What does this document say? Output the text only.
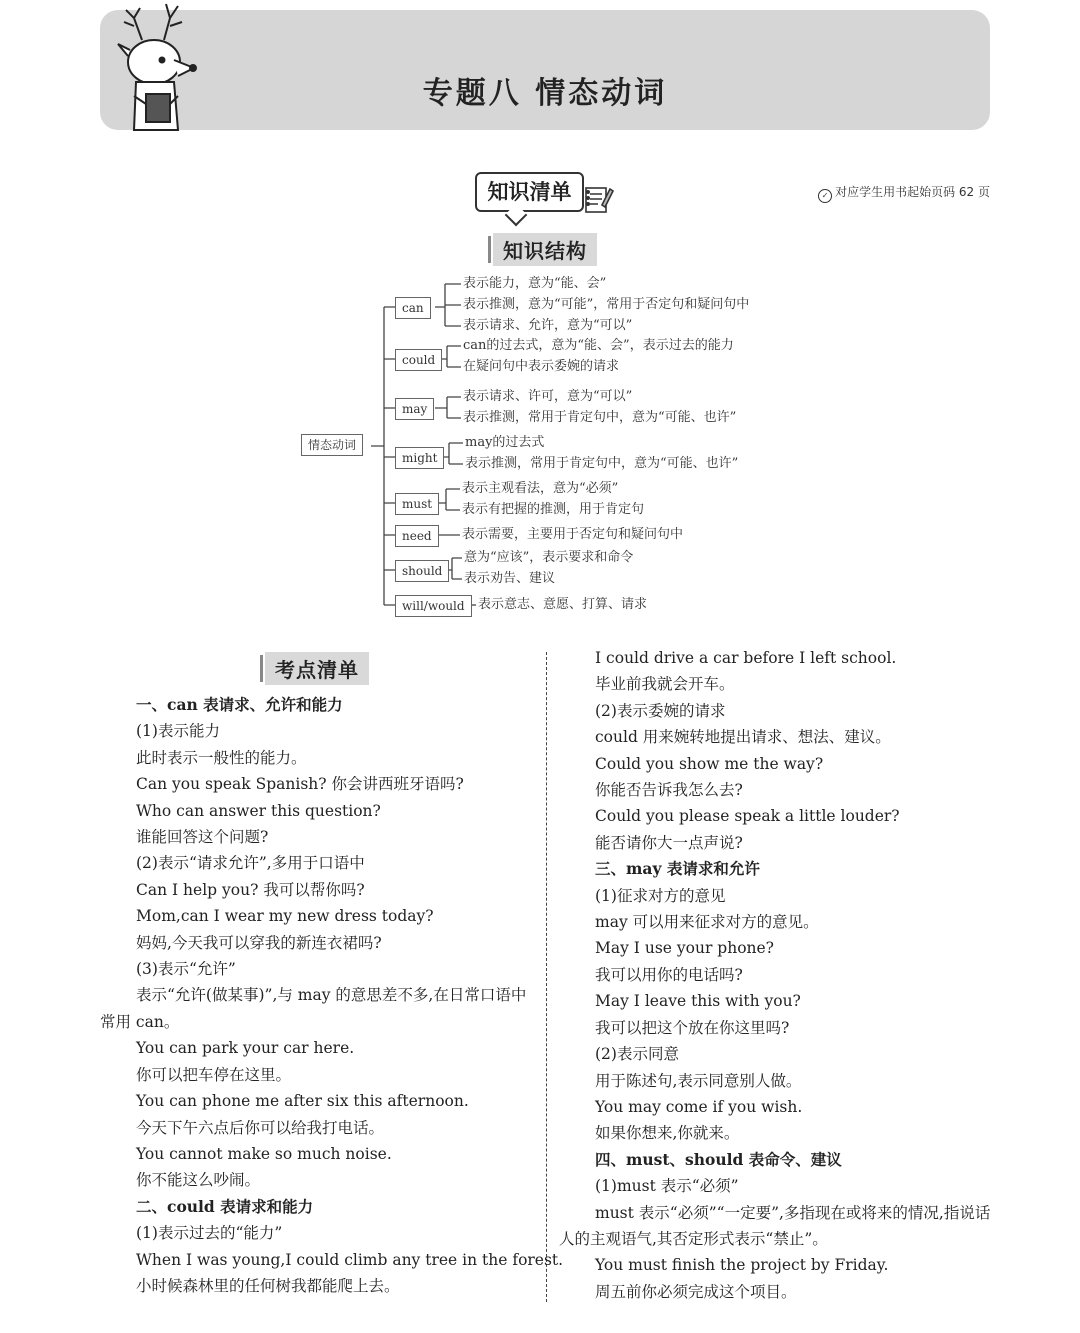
专题八 情态动词
知识清单	✓ 对应学生用书起始页码 62 页
知识结构
情态动词
can
表示能力，意为“能、会”
表示推测，意为“可能”，常用于否定句和疑问句中
表示请求、允许，意为“可以”
could
can的过去式，意为“能、会”，表示过去的能力
在疑问句中表示委婉的请求
may
表示请求、许可，意为“可以”
表示推测，常用于肯定句中，意为“可能、也许”
might
may的过去式
表示推测，常用于肯定句中，意为“可能、也许”
must
表示主观看法，意为“必须”
表示有把握的推测，用于肯定句
need	表示需要，主要用于否定句和疑问句中
should
意为“应该”，表示要求和命令
表示劝告、建议
will/would	表示意志、意愿、打算、请求
考点清单

一、can 表请求、允许和能力

(1)表示能力

此时表示一般性的能力。

Can you speak Spanish? 你会讲西班牙语吗?

Who can answer this question?

谁能回答这个问题?

(2)表示“请求允许”,多用于口语中

Can I help you? 我可以帮你吗?

Mom,can I wear my new dress today?

妈妈,今天我可以穿我的新连衣裙吗?

(3)表示“允许”

表示“允许(做某事)”,与 may 的意思差不多,在日常口语中常用 can。

You can park your car here.

你可以把车停在这里。

You can phone me after six this afternoon.

今天下午六点后你可以给我打电话。

You cannot make so much noise.

你不能这么吵闹。

二、could 表请求和能力

(1)表示过去的“能力”

When I was young,I could climb any tree in the forest.

小时候森林里的任何树我都能爬上去。

I could drive a car before I left school.

毕业前我就会开车。

(2)表示委婉的请求

could 用来婉转地提出请求、想法、建议。

Could you show me the way?

你能否告诉我怎么去?

Could you please speak a little louder?

能否请你大一点声说?

三、may 表请求和允许

(1)征求对方的意见

may 可以用来征求对方的意见。

May I use your phone?

我可以用你的电话吗?

May I leave this with you?

我可以把这个放在你这里吗?

(2)表示同意

用于陈述句,表示同意别人做。

You may come if you wish.

如果你想来,你就来。

四、must、should 表命令、建议

(1)must 表示“必须”

must 表示“必须”“一定要”,多指现在或将来的情况,指说话人的主观语气,其否定形式表示“禁止”。

You must finish the project by Friday.

周五前你必须完成这个项目。
